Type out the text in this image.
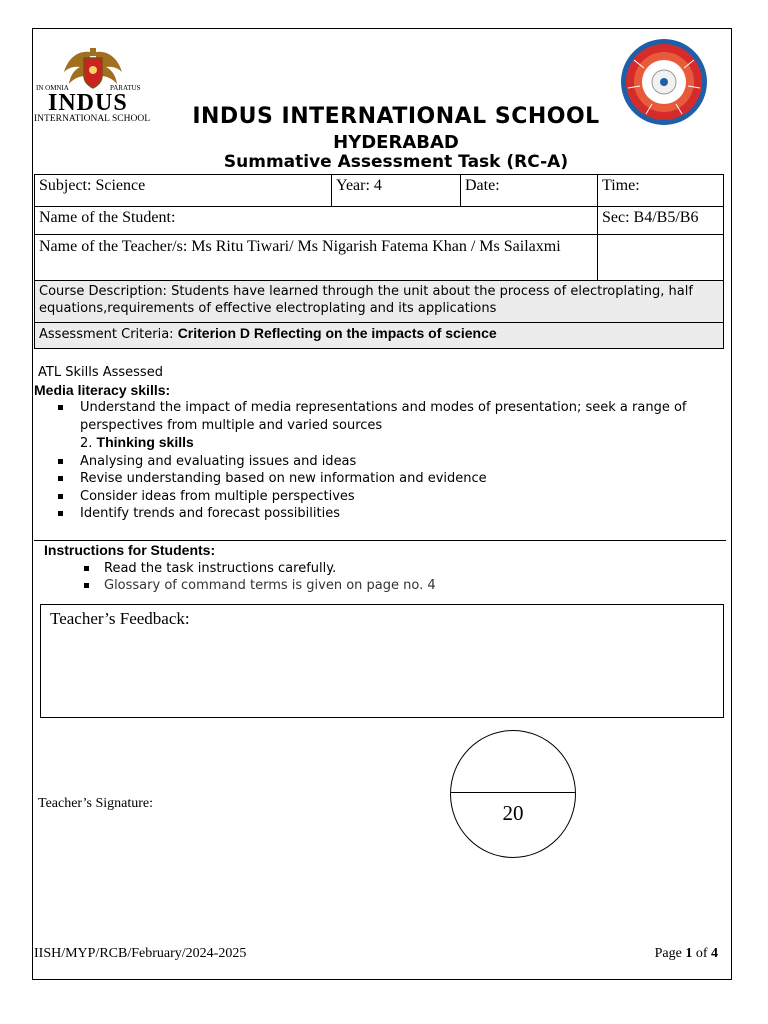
IN OMNIA	PARATUS
INDUS
INTERNATIONAL SCHOOL	INDUS INTERNATIONAL SCHOOL
HYDERABAD
Summative Assessment Task (RC-A)
Subject: Science	Year: 4	Date:	Time:
Name of the Student:			Sec: B4/B5/B6
Name of the Teacher/s: Ms Ritu Tiwari/ Ms Nigarish Fatema Khan / Ms Sailaxmi			
Course Description: Students have learned through the unit about the process of electroplating, half equations,requirements of effective electroplating and its applications			
Assessment Criteria: Criterion D Reflecting on the impacts of science			
ATL Skills Assessed
Media literacy skills:
Understand the impact of media representations and modes of presentation; seek a range of perspectives from multiple and varied sources
2. Thinking skills
Analysing and evaluating issues and ideas
Revise understanding based on new information and evidence
Consider ideas from multiple perspectives
Identify trends and forecast possibilities
Instructions for Students:
Read the task instructions carefully.
Glossary of command terms is given on page no. 4
Teacher’s Feedback:
Teacher’s Signature:	20
IISH/MYP/RCB/February/2024-2025	Page 1 of 4
